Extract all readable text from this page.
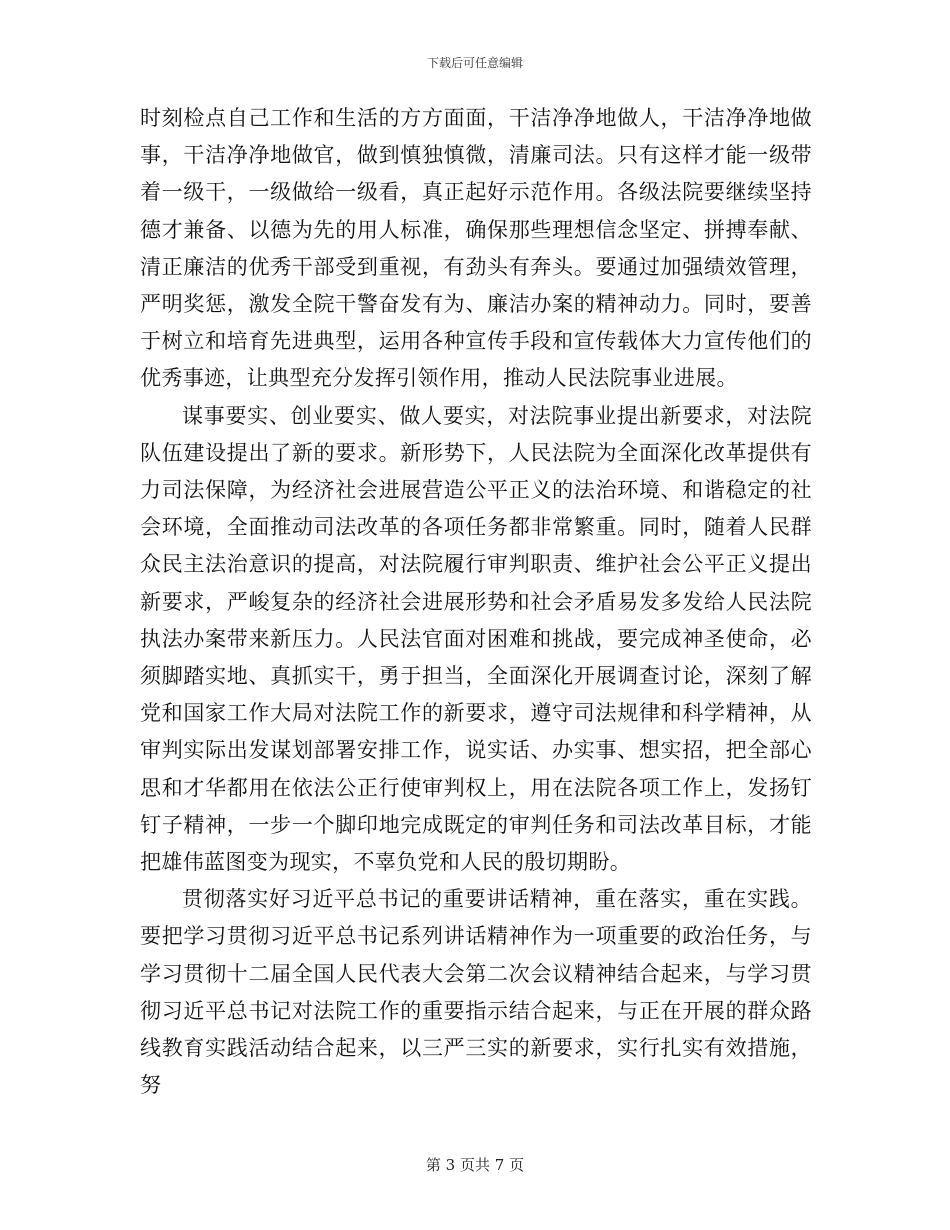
下载后可任意编辑

时刻检点自己工作和生活的方方面面，干洁净净地做人，干洁净净地做事，干洁净净地做官，做到慎独慎微，清廉司法。只有这样才能一级带着一级干，一级做给一级看，真正起好示范作用。各级法院要继续坚持德才兼备、以德为先的用人标准，确保那些理想信念坚定、拼搏奉献、清正廉洁的优秀干部受到重视，有劲头有奔头。要通过加强绩效管理，严明奖惩，激发全院干警奋发有为、廉洁办案的精神动力。同时，要善于树立和培育先进典型，运用各种宣传手段和宣传载体大力宣传他们的优秀事迹，让典型充分发挥引领作用，推动人民法院事业进展。

谋事要实、创业要实、做人要实，对法院事业提出新要求，对法院队伍建设提出了新的要求。新形势下，人民法院为全面深化改革提供有力司法保障，为经济社会进展营造公平正义的法治环境、和谐稳定的社会环境，全面推动司法改革的各项任务都非常繁重。同时，随着人民群众民主法治意识的提高，对法院履行审判职责、维护社会公平正义提出新要求，严峻复杂的经济社会进展形势和社会矛盾易发多发给人民法院执法办案带来新压力。人民法官面对困难和挑战，要完成神圣使命，必须脚踏实地、真抓实干，勇于担当，全面深化开展调查讨论，深刻了解党和国家工作大局对法院工作的新要求，遵守司法规律和科学精神，从审判实际出发谋划部署安排工作，说实话、办实事、想实招，把全部心思和才华都用在依法公正行使审判权上，用在法院各项工作上，发扬钉钉子精神，一步一个脚印地完成既定的审判任务和司法改革目标，才能把雄伟蓝图变为现实，不辜负党和人民的殷切期盼。

贯彻落实好习近平总书记的重要讲话精神，重在落实，重在实践。要把学习贯彻习近平总书记系列讲话精神作为一项重要的政治任务，与学习贯彻十二届全国人民代表大会第二次会议精神结合起来，与学习贯彻习近平总书记对法院工作的重要指示结合起来，与正在开展的群众路线教育实践活动结合起来，以三严三实的新要求，实行扎实有效措施，努

第 3 页共 7 页
